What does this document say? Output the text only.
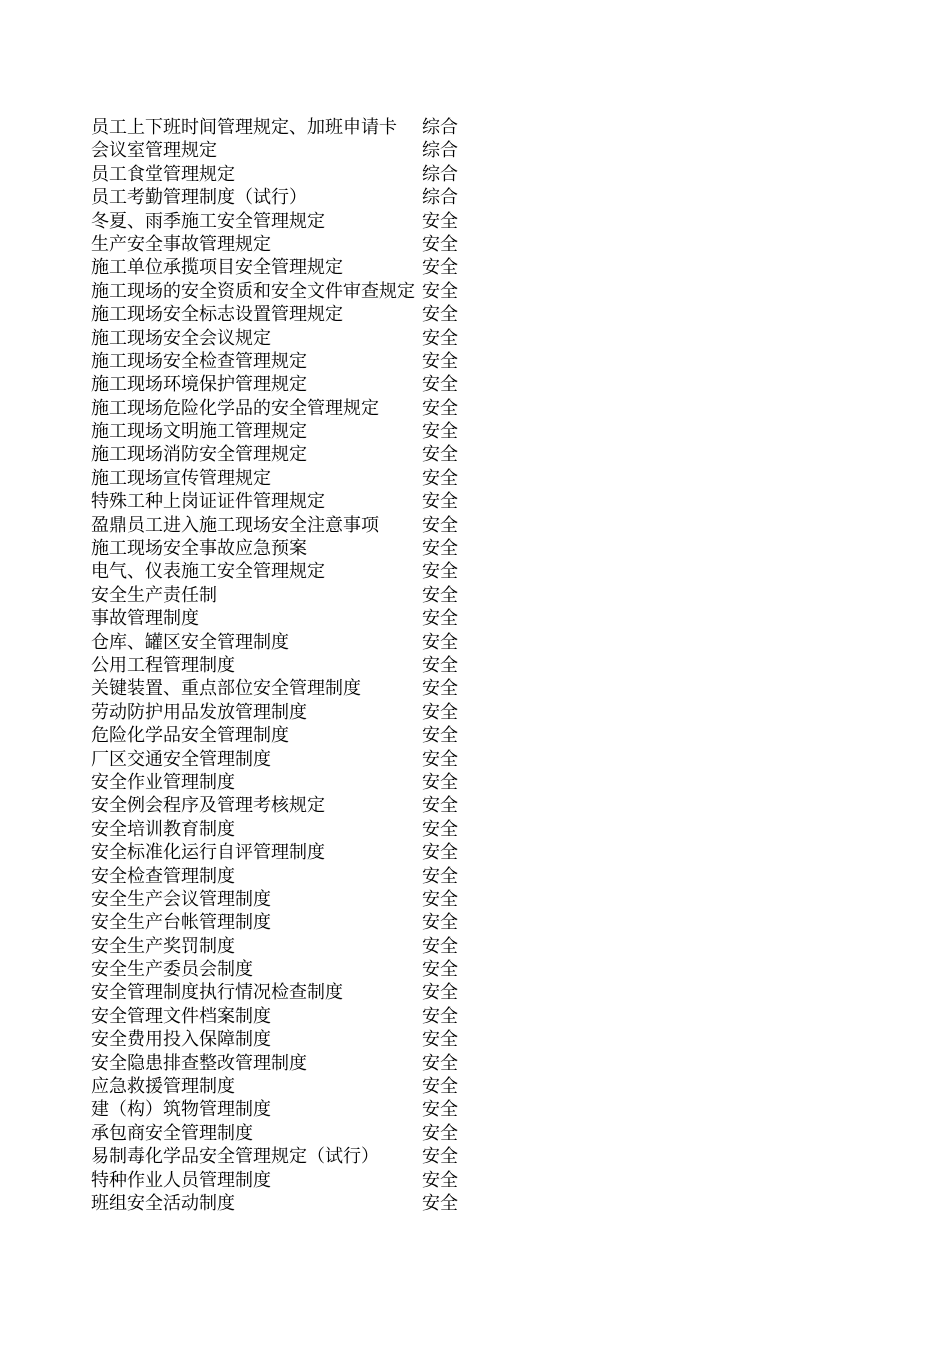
员工上下班时间管理规定、加班申请卡 综合
会议室管理规定	综合
员工食堂管理规定	综合
员工考勤管理制度（试行）	综合
冬夏、雨季施工安全管理规定	安全
生产安全事故管理规定	安全
施工单位承揽项目安全管理规定	安全
施工现场的安全资质和安全文件审查规定 安全
施工现场安全标志设置管理规定	安全
施工现场安全会议规定	安全
施工现场安全检查管理规定	安全
施工现场环境保护管理规定	安全
施工现场危险化学品的安全管理规定 安全
施工现场文明施工管理规定	安全
施工现场消防安全管理规定	安全
施工现场宣传管理规定	安全
特殊工种上岗证证件管理规定	安全
盈鼎员工进入施工现场安全注意事项 安全
施工现场安全事故应急预案	安全
电气、仪表施工安全管理规定	安全
安全生产责任制	安全
事故管理制度	安全
仓库、罐区安全管理制度	安全
公用工程管理制度	安全
关键装置、重点部位安全管理制度	安全
劳动防护用品发放管理制度	安全
危险化学品安全管理制度	安全
厂区交通安全管理制度	安全
安全作业管理制度	安全
安全例会程序及管理考核规定	安全
安全培训教育制度	安全
安全标准化运行自评管理制度	安全
安全检查管理制度	安全
安全生产会议管理制度	安全
安全生产台帐管理制度	安全
安全生产奖罚制度	安全
安全生产委员会制度	安全
安全管理制度执行情况检查制度	安全
安全管理文件档案制度	安全
安全费用投入保障制度	安全
安全隐患排查整改管理制度	安全
应急救援管理制度	安全
建（构）筑物管理制度	安全
承包商安全管理制度	安全
易制毒化学品安全管理规定（试行） 安全
特种作业人员管理制度	安全
班组安全活动制度	安全
